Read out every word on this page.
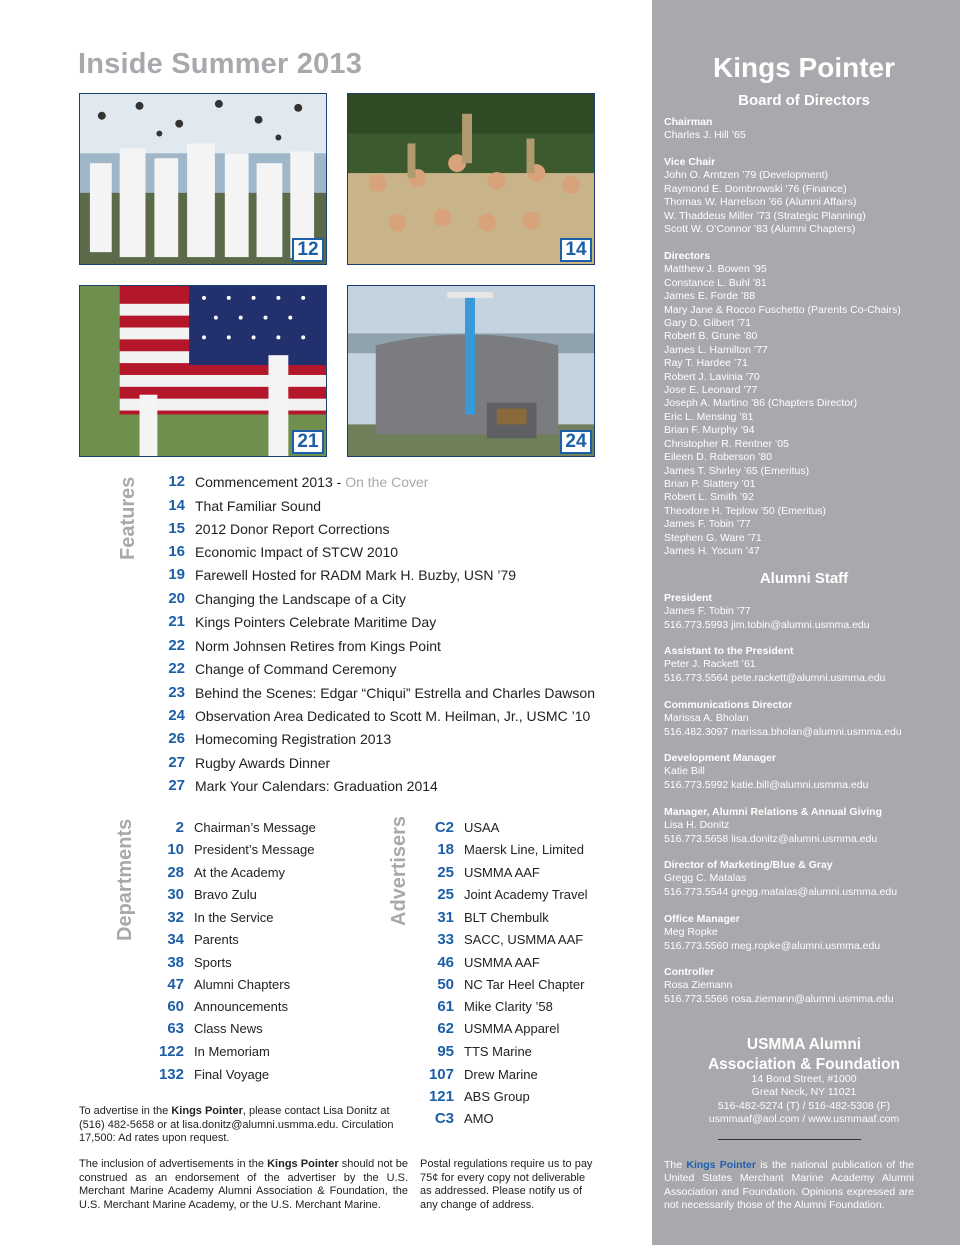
Inside Summer 2013
12	14
21	24
Features	12 Commencement 2013 - On the Cover
14 That Familiar Sound
15 2012 Donor Report Corrections
16 Economic Impact of STCW 2010
19 Farewell Hosted for RADM Mark H. Buzby, USN ’79
20 Changing the Landscape of a City
21 Kings Pointers Celebrate Maritime Day
22 Norm Johnsen Retires from Kings Point
22 Change of Command Ceremony
23 Behind the Scenes: Edgar “Chiqui” Estrella and Charles Dawson
24 Observation Area Dedicated to Scott M. Heilman, Jr., USMC ’10
26 Homecoming Registration 2013
27 Rugby Awards Dinner
27 Mark Your Calendars: Graduation 2014
Departments	2 Chairman’s Message
10 President’s Message
28 At the Academy
30 Bravo Zulu
32 In the Service
34 Parents
38 Sports
47 Alumni Chapters
60 Announcements
63 Class News
122 In Memoriam
132 Final Voyage
Advertisers	C2 USAA
18 Maersk Line, Limited
25 USMMA AAF
25 Joint Academy Travel
31 BLT Chembulk
33 SACC, USMMA AAF
46 USMMA AAF
50 NC Tar Heel Chapter
61 Mike Clarity ’58
62 USMMA Apparel
95 TTS Marine
107 Drew Marine
121 ABS Group
C3 AMO
To advertise in the Kings Pointer, please contact Lisa Donitz at (516) 482-5658 or at lisa.donitz@alumni.usmma.edu. Circulation 17,500: Ad rates upon request.
The inclusion of advertisements in the Kings Pointer should not be construed as an endorsement of the advertiser by the U.S. Merchant Marine Academy Alumni Association & Foundation, the U.S. Merchant Marine Academy, or the U.S. Merchant Marine.
Postal regulations require us to pay 75¢ for every copy not deliverable as addressed. Please notify us of any change of address.
Kings Pointer
Board of Directors
Chairman
Charles J. Hill ’65
Vice Chair
John O. Arntzen ’79 (Development)
Raymond E. Dombrowski ’76 (Finance)
Thomas W. Harrelson ’66 (Alumni Affairs)
W. Thaddeus Miller ’73 (Strategic Planning)
Scott W. O’Connor ’83 (Alumni Chapters)
Directors
Matthew J. Bowen ’95
Constance L. Buhl ’81
James E. Forde ’88
Mary Jane & Rocco Fuschetto (Parents Co-Chairs)
Gary D. Gilbert ’71
Robert B. Grune ’80
James L. Hamilton ’77
Ray T. Hardee ’71
Robert J. Lavinia ’70
Jose E. Leonard ’77
Joseph A. Martino ’86 (Chapters Director)
Eric L. Mensing ’81
Brian F. Murphy ’94
Christopher R. Rentner ’05
Eileen D. Roberson ’80
James T. Shirley ’65 (Emeritus)
Brian P. Slattery ’01
Robert L. Smith ’92
Theodore H. Teplow ’50 (Emeritus)
James F. Tobin ’77
Stephen G. Ware ’71
James H. Yocum ’47
Alumni Staff
President
James F. Tobin ’77
516.773.5993 jim.tobin@alumni.usmma.edu
Assistant to the President
Peter J. Rackett ’61
516.773.5564 pete.rackett@alumni.usmma.edu
Communications Director
Marissa A. Bholan
516.482.3097 marissa.bholan@alumni.usmma.edu
Development Manager
Katie Bill
516.773.5992 katie.bill@alumni.usmma.edu
Manager, Alumni Relations & Annual Giving
Lisa H. Donitz
516.773.5658 lisa.donitz@alumni.usmma.edu
Director of Marketing/Blue & Gray
Gregg C. Matalas
516.773.5544 gregg.matalas@alumni.usmma.edu
Office Manager
Meg Ropke
516.773.5560 meg.ropke@alumni.usmma.edu
Controller
Rosa Ziemann
516.773.5566 rosa.ziemann@alumni.usmma.edu
USMMA Alumni
Association & Foundation
14 Bond Street, #1000
Great Neck, NY 11021
516-482-5274 (T) / 516-482-5308 (F)
usmmaaf@aol.com / www.usmmaaf.com
The Kings Pointer is the national publication of the United States Merchant Marine Academy Alumni Association and Foundation. Opinions expressed are not necessarily those of the Alumni Foundation.
